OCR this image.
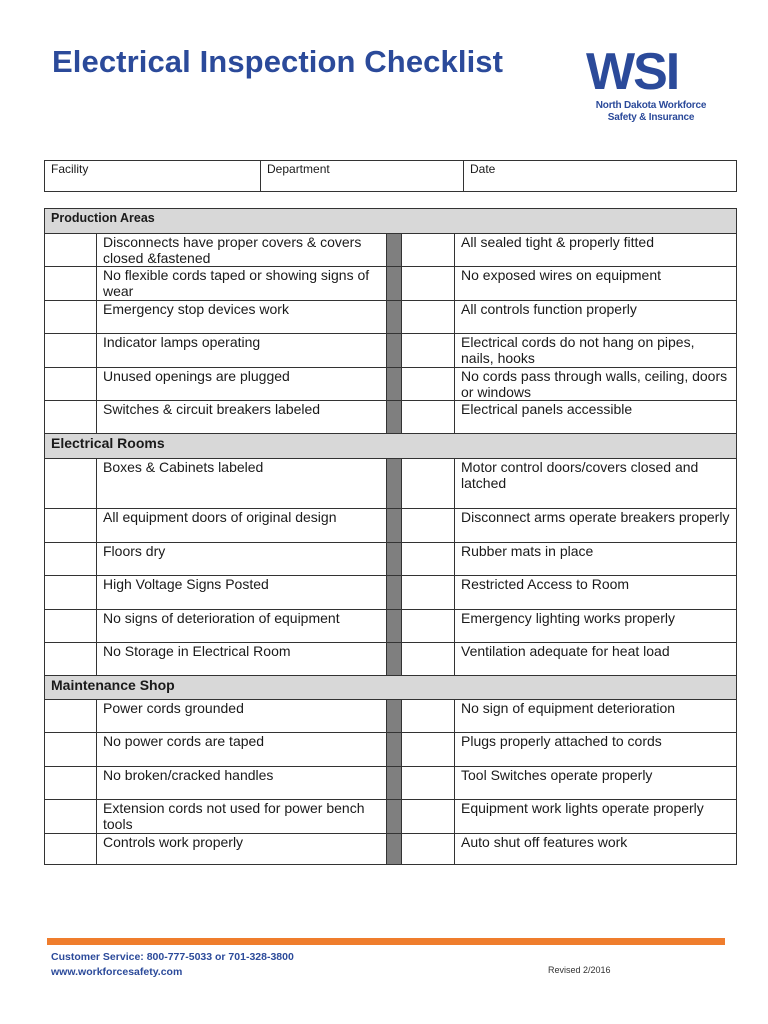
Electrical Inspection Checklist WSI
North Dakota Workforce
Safety & Insurance
Facility	Department	Date
Production Areas				
	Disconnects have proper covers & covers closed &fastened			All sealed tight & properly fitted
	No flexible cords taped or showing signs of wear			No exposed wires on equipment
	Emergency stop devices work			All controls function properly
	Indicator lamps operating			Electrical cords do not hang on pipes, nails, hooks
	Unused openings are plugged			No cords pass through walls, ceiling, doors or windows
	Switches & circuit breakers labeled			Electrical panels accessible
Electrical Rooms				
	Boxes & Cabinets labeled			Motor control doors/covers closed and latched
	All equipment doors of original design			Disconnect arms operate breakers properly
	Floors dry			Rubber mats in place
	High Voltage Signs Posted			Restricted Access to Room
	No signs of deterioration of equipment			Emergency lighting works properly
	No Storage in Electrical Room			Ventilation adequate for heat load
Maintenance Shop				
	Power cords grounded			No sign of equipment deterioration
	No power cords are taped			Plugs properly attached to cords
	No broken/cracked handles			Tool Switches operate properly
	Extension cords not used for power bench tools			Equipment work lights operate properly
	Controls work properly			Auto shut off features work
Customer Service: 800-777-5033 or 701-328-3800
www.workforcesafety.com	Revised 2/2016
